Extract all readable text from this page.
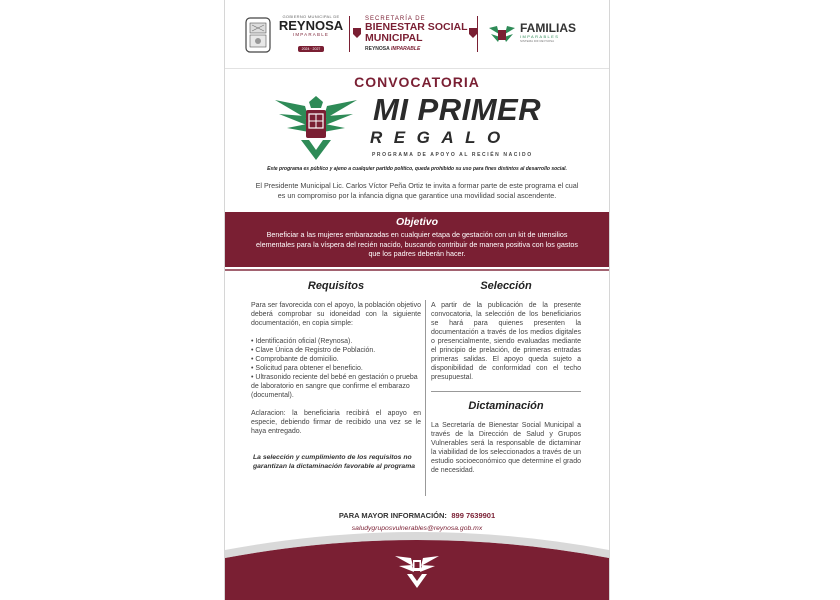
GOBIERNO MUNICIPAL DE
REYNOSA
IMPARABLE
2024 · 2027
SECRETARÍA DE
BIENESTAR SOCIAL
MUNICIPAL
REYNOSA IMPARABLE
FAMILIAS
IMPARABLES
SISTEMA DIF REYNOSA
CONVOCATORIA
MI PRIMER
REGALO
PROGRAMA DE APOYO AL RECIÉN NACIDO
Este programa es público y ajeno a cualquier partido político, queda prohibido su uso para fines distintos al desarrollo social.
El Presidente Municipal Lic. Carlos Víctor Peña Ortiz te invita a formar parte de este programa el cual es un compromiso por la infancia digna que garantice una movilidad social ascendente.
Objetivo
Beneficiar a las mujeres embarazadas en cualquier etapa de gestación con un kit de utensilios elementales para la víspera del recién nacido, buscando contribuir de manera positiva con los gastos que los padres deberán hacer.
Requisitos

Para ser favorecida con el apoyo, la población objetivo deberá comprobar su idoneidad con la siguiente documentación, en copia simple:

• Identificación oficial (Reynosa).
• Clave Única de Registro de Población.
• Comprobante de domicilio.
• Solicitud para obtener el beneficio.
• Ultrasonido reciente del bebé en gestación o prueba de laboratorio en sangre que confirme el embarazo (documental).

Aclaracion: la beneficiaria recibirá el apoyo en especie, debiendo firmar de recibido una vez se le haya entregado.

La selección y cumplimiento de los requisitos no garantizan la dictaminación favorable al programa
Selección

A partir de la publicación de la presente convocatoria, la selección de los beneficiarios se hará para quienes presenten la documentación a través de los medios digitales o presencialmente, siendo evaluadas mediante el principio de prelación, de primeras entradas primeras salidas. El apoyo queda sujeto a disponibilidad de conformidad con el techo presupuestal.

Dictaminación

La Secretaría de Bienestar Social Municipal a través de la Dirección de Salud y Grupos Vulnerables será la responsable de dictaminar la viabilidad de los seleccionados a través de un estudio socioeconómico que determine el grado de necesidad.

PARA MAYOR INFORMACIÓN: 899 7639901
saludygruposvulnerables@reynosa.gob.mx
